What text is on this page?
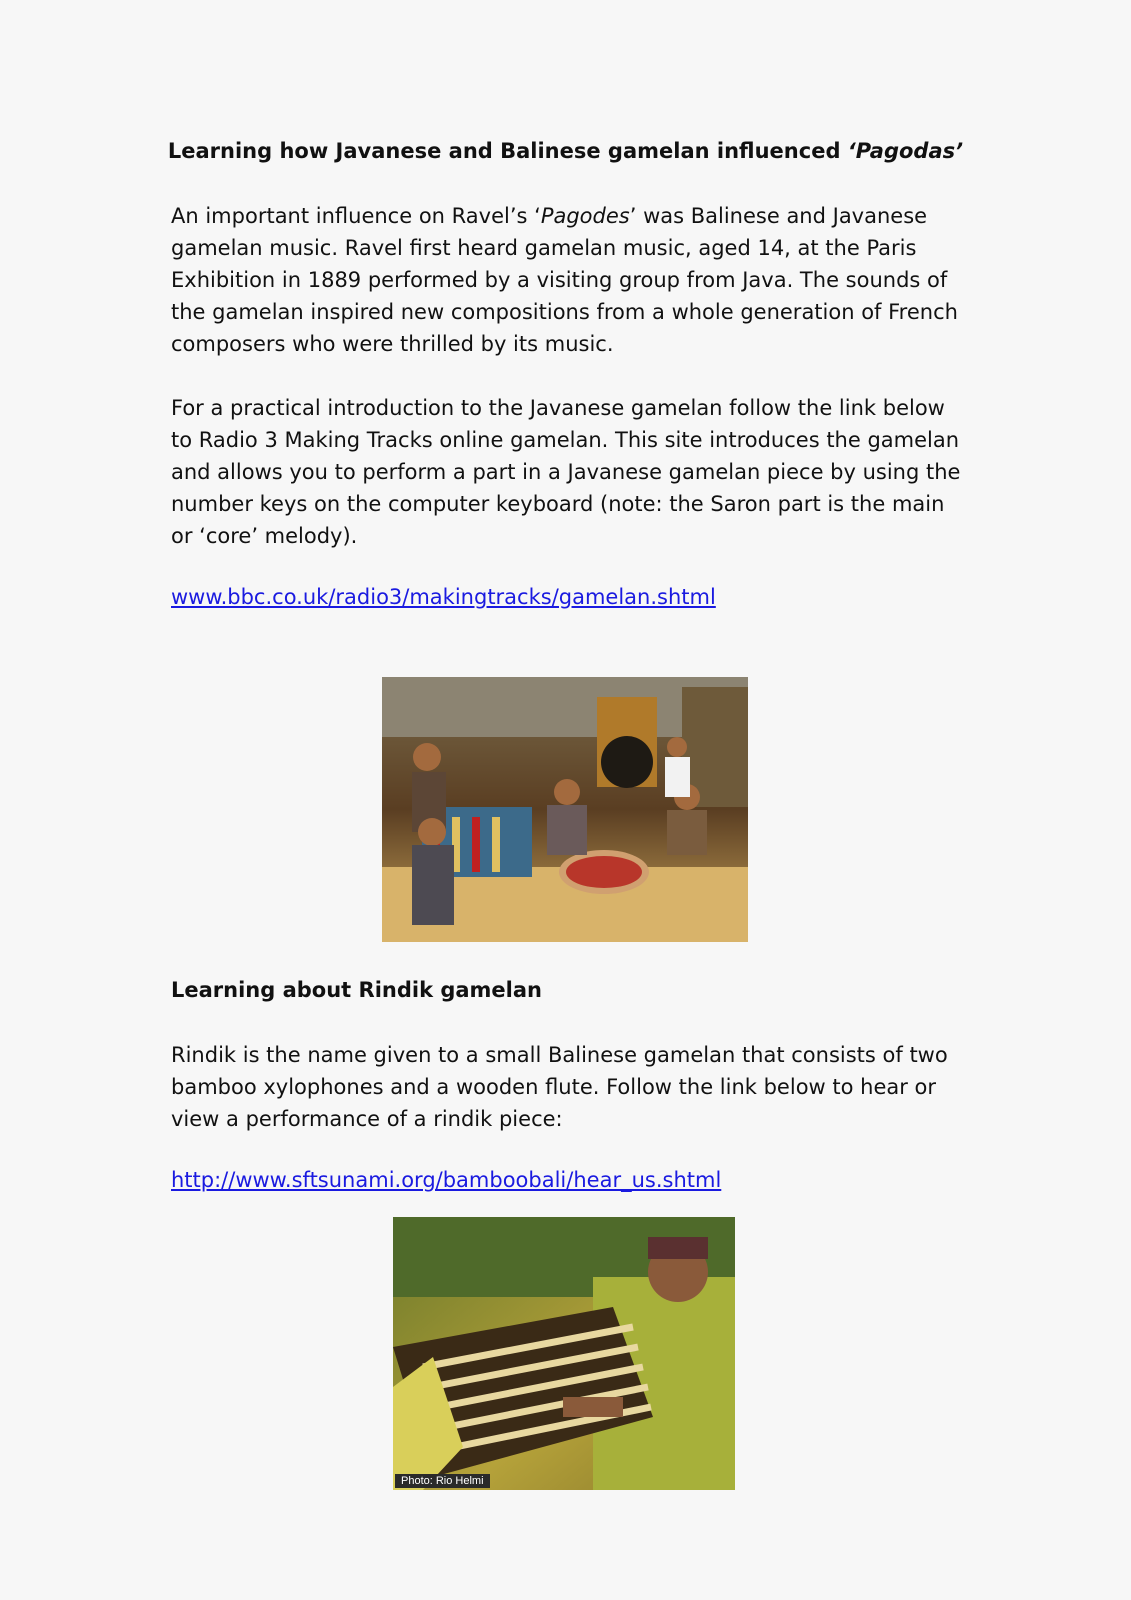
Learning how Javanese and Balinese gamelan influenced ‘Pagodas’

An important influence on Ravel’s ‘Pagodes’ was Balinese and Javanese gamelan music. Ravel first heard gamelan music, aged 14, at the Paris Exhibition in 1889 performed by a visiting group from Java. The sounds of the gamelan inspired new compositions from a whole generation of French composers who were thrilled by its music.

For a practical introduction to the Javanese gamelan follow the link below to Radio 3 Making Tracks online gamelan. This site introduces the gamelan and allows you to perform a part in a Javanese gamelan piece by using the number keys on the computer keyboard (note: the Saron part is the main or ‘core’ melody).

www.bbc.co.uk/radio3/makingtracks/gamelan.shtml
Learning about Rindik gamelan

Rindik is the name given to a small Balinese gamelan that consists of two bamboo xylophones and a wooden flute. Follow the link below to hear or view a performance of a rindik piece:

http://www.sftsunami.org/bamboobali/hear_us.shtml
Photo: Rio Helmi
